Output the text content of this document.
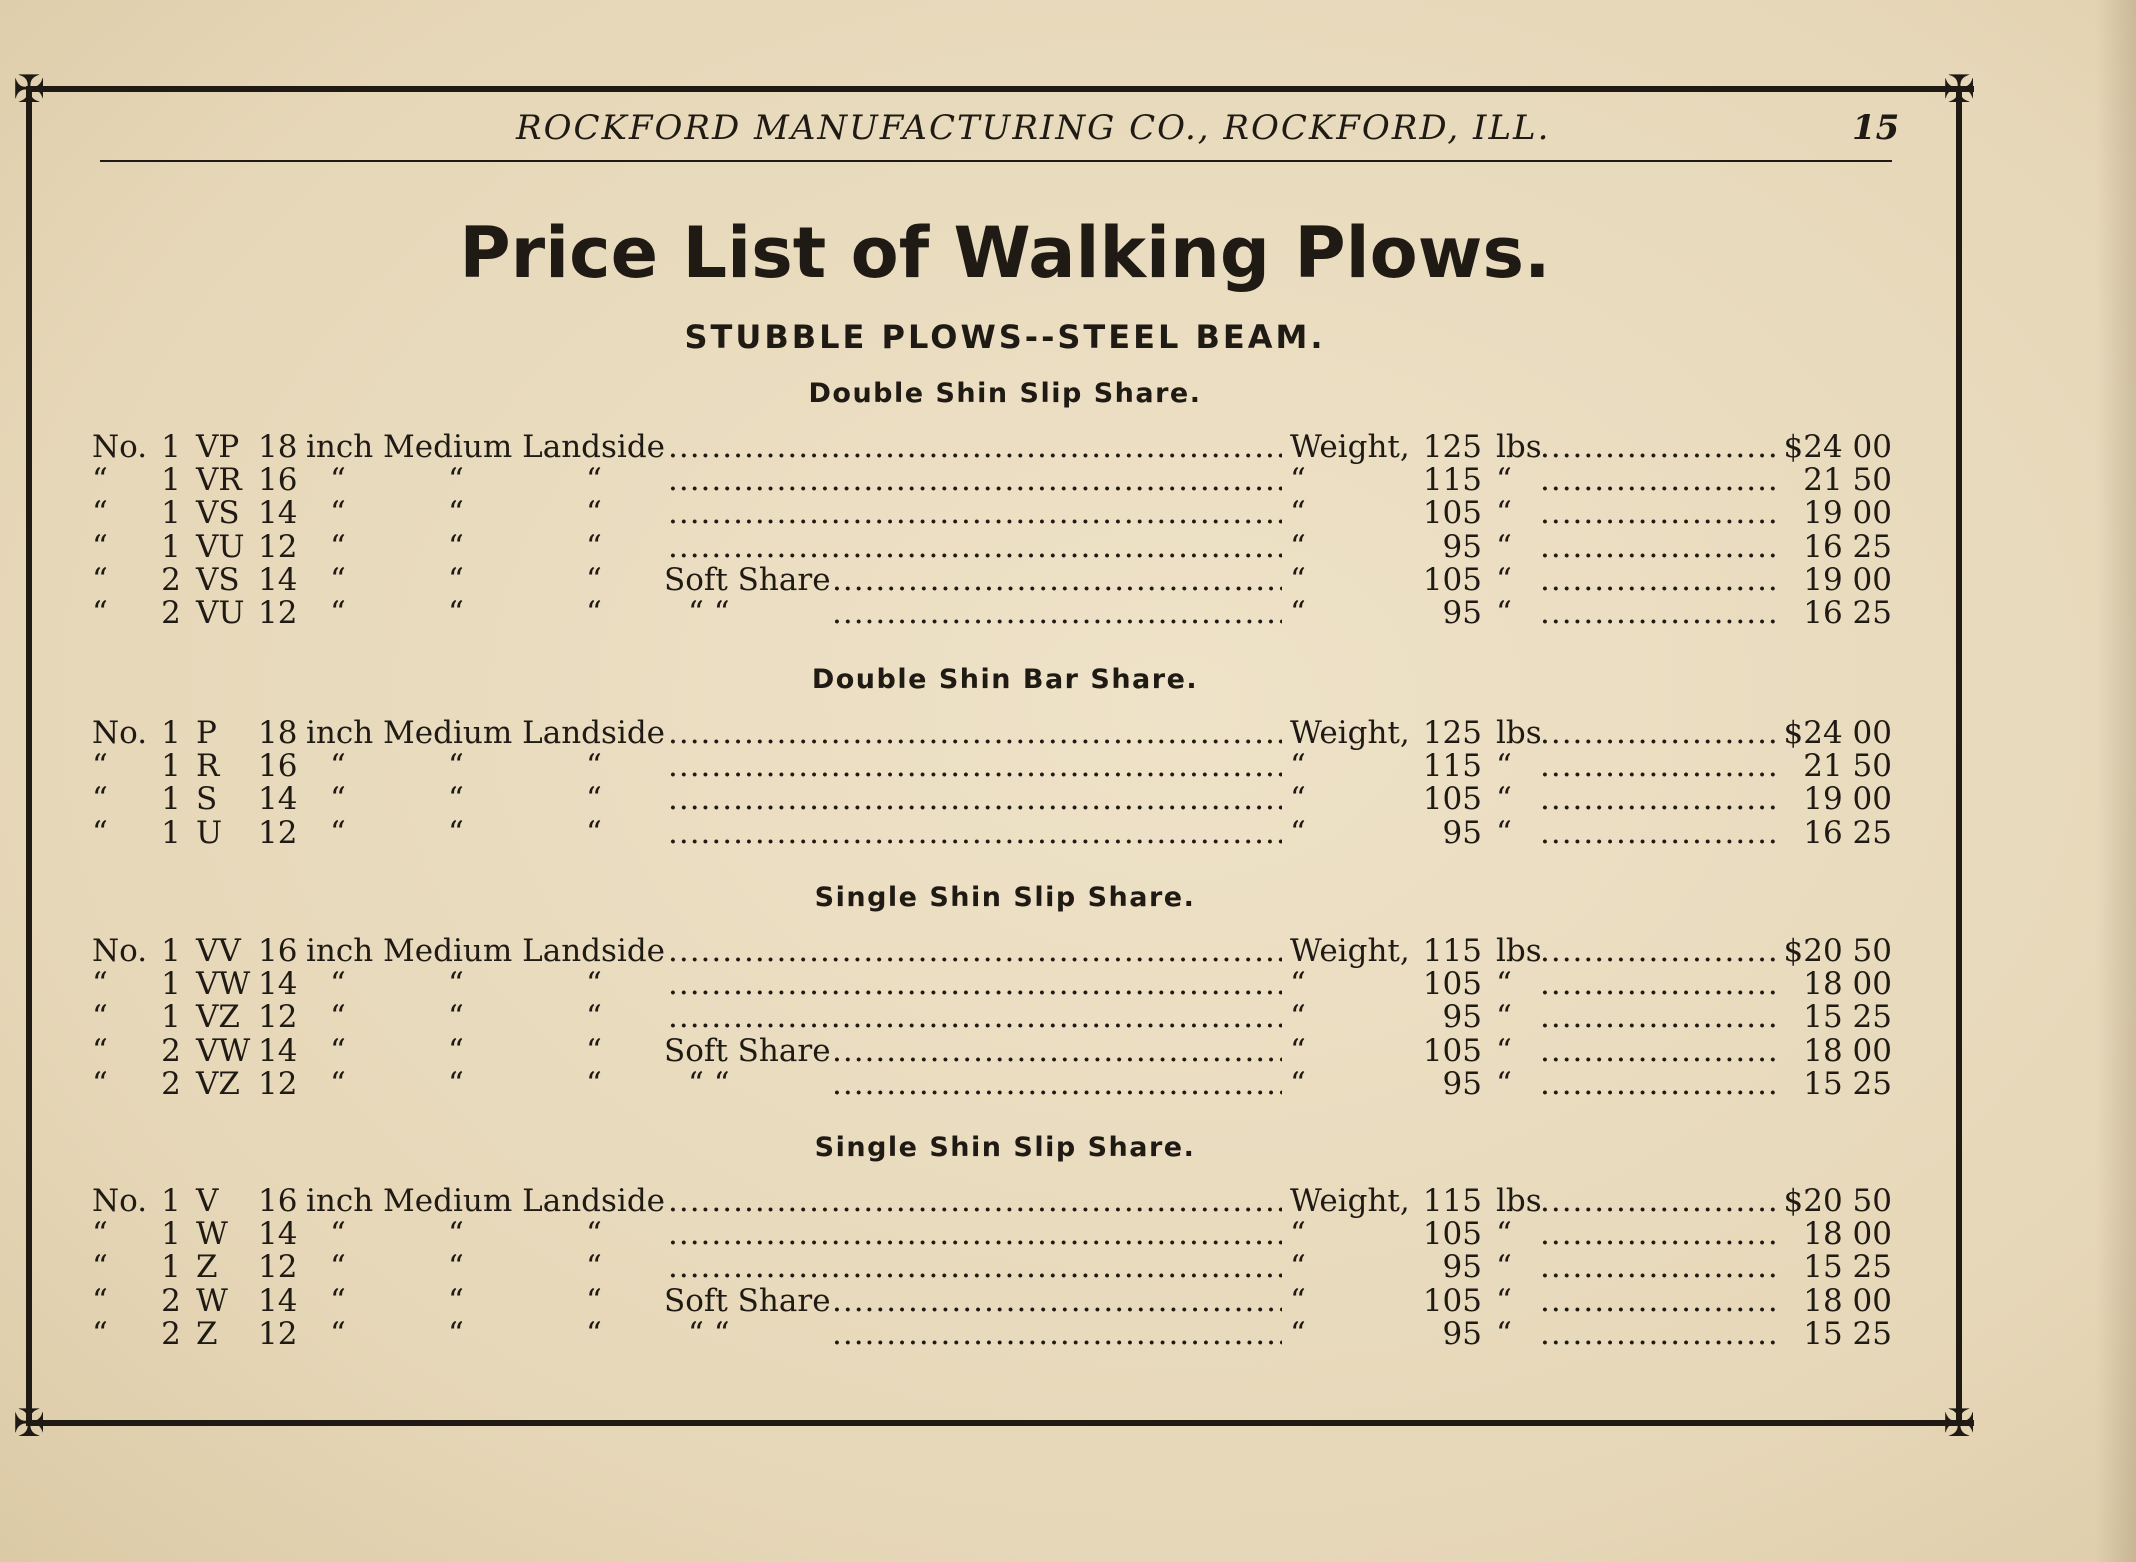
✠	✠
✠	✠
ROCKFORD MANUFACTURING CO., ROCKFORD, ILL.	15
Price List of Walking Plows.
STUBBLE PLOWS--STEEL BEAM.
Double Shin Slip Share.
No. 1 VP 18 inch Medium Landside .....	Weight, 125 lbs .....	$24 00
“	1 VR 16 “	“	“ .....	“	115 “ .....	21 50
“	1 VS 14 “	“	“ .....	“	105 “ .....	19 00
“	1 VU 12 “	“	“ .....	“	95 “ .....	16 25
“	2 VS 14 “	“	“ Soft Share .....	“	105 “ .....	19 00
“	2 VU 12 “	“	“	“ “ .....	“	95 “ .....	16 25
Double Shin Bar Share.
No. 1 P	18 inch Medium Landside .....	Weight, 125 lbs .....	$24 00
“	1 R	16 “	“	“ .....	“	115 “ .....	21 50
“	1 S	14 “	“	“ .....	“	105 “ .....	19 00
“	1 U	12 “	“	“ .....	“	95 “ .....	16 25
Single Shin Slip Share.
No. 1 VV 16 inch Medium Landside .....	Weight, 115 lbs .....	$20 50
“	1 VW 14 “	“	“ .....	“	105 “ .....	18 00
“	1 VZ 12 “	“	“ .....	“	95 “ .....	15 25
“	2 VW 14 “	“	“ Soft Share .....	“	105 “ .....	18 00
“	2 VZ 12 “	“	“	“ “ .....	“	95 “ .....	15 25
Single Shin Slip Share.
No. 1 V	16 inch Medium Landside .....	Weight, 115 lbs .....	$20 50
“	1 W 14 “	“	“ .....	“	105 “ .....	18 00
“	1 Z	12 “	“	“ .....	“	95 “ .....	15 25
“	2 W 14 “	“	“ Soft Share .....	“	105 “ .....	18 00
“	2 Z	12 “	“	“	“ “ .....	“	95 “ .....	15 25
